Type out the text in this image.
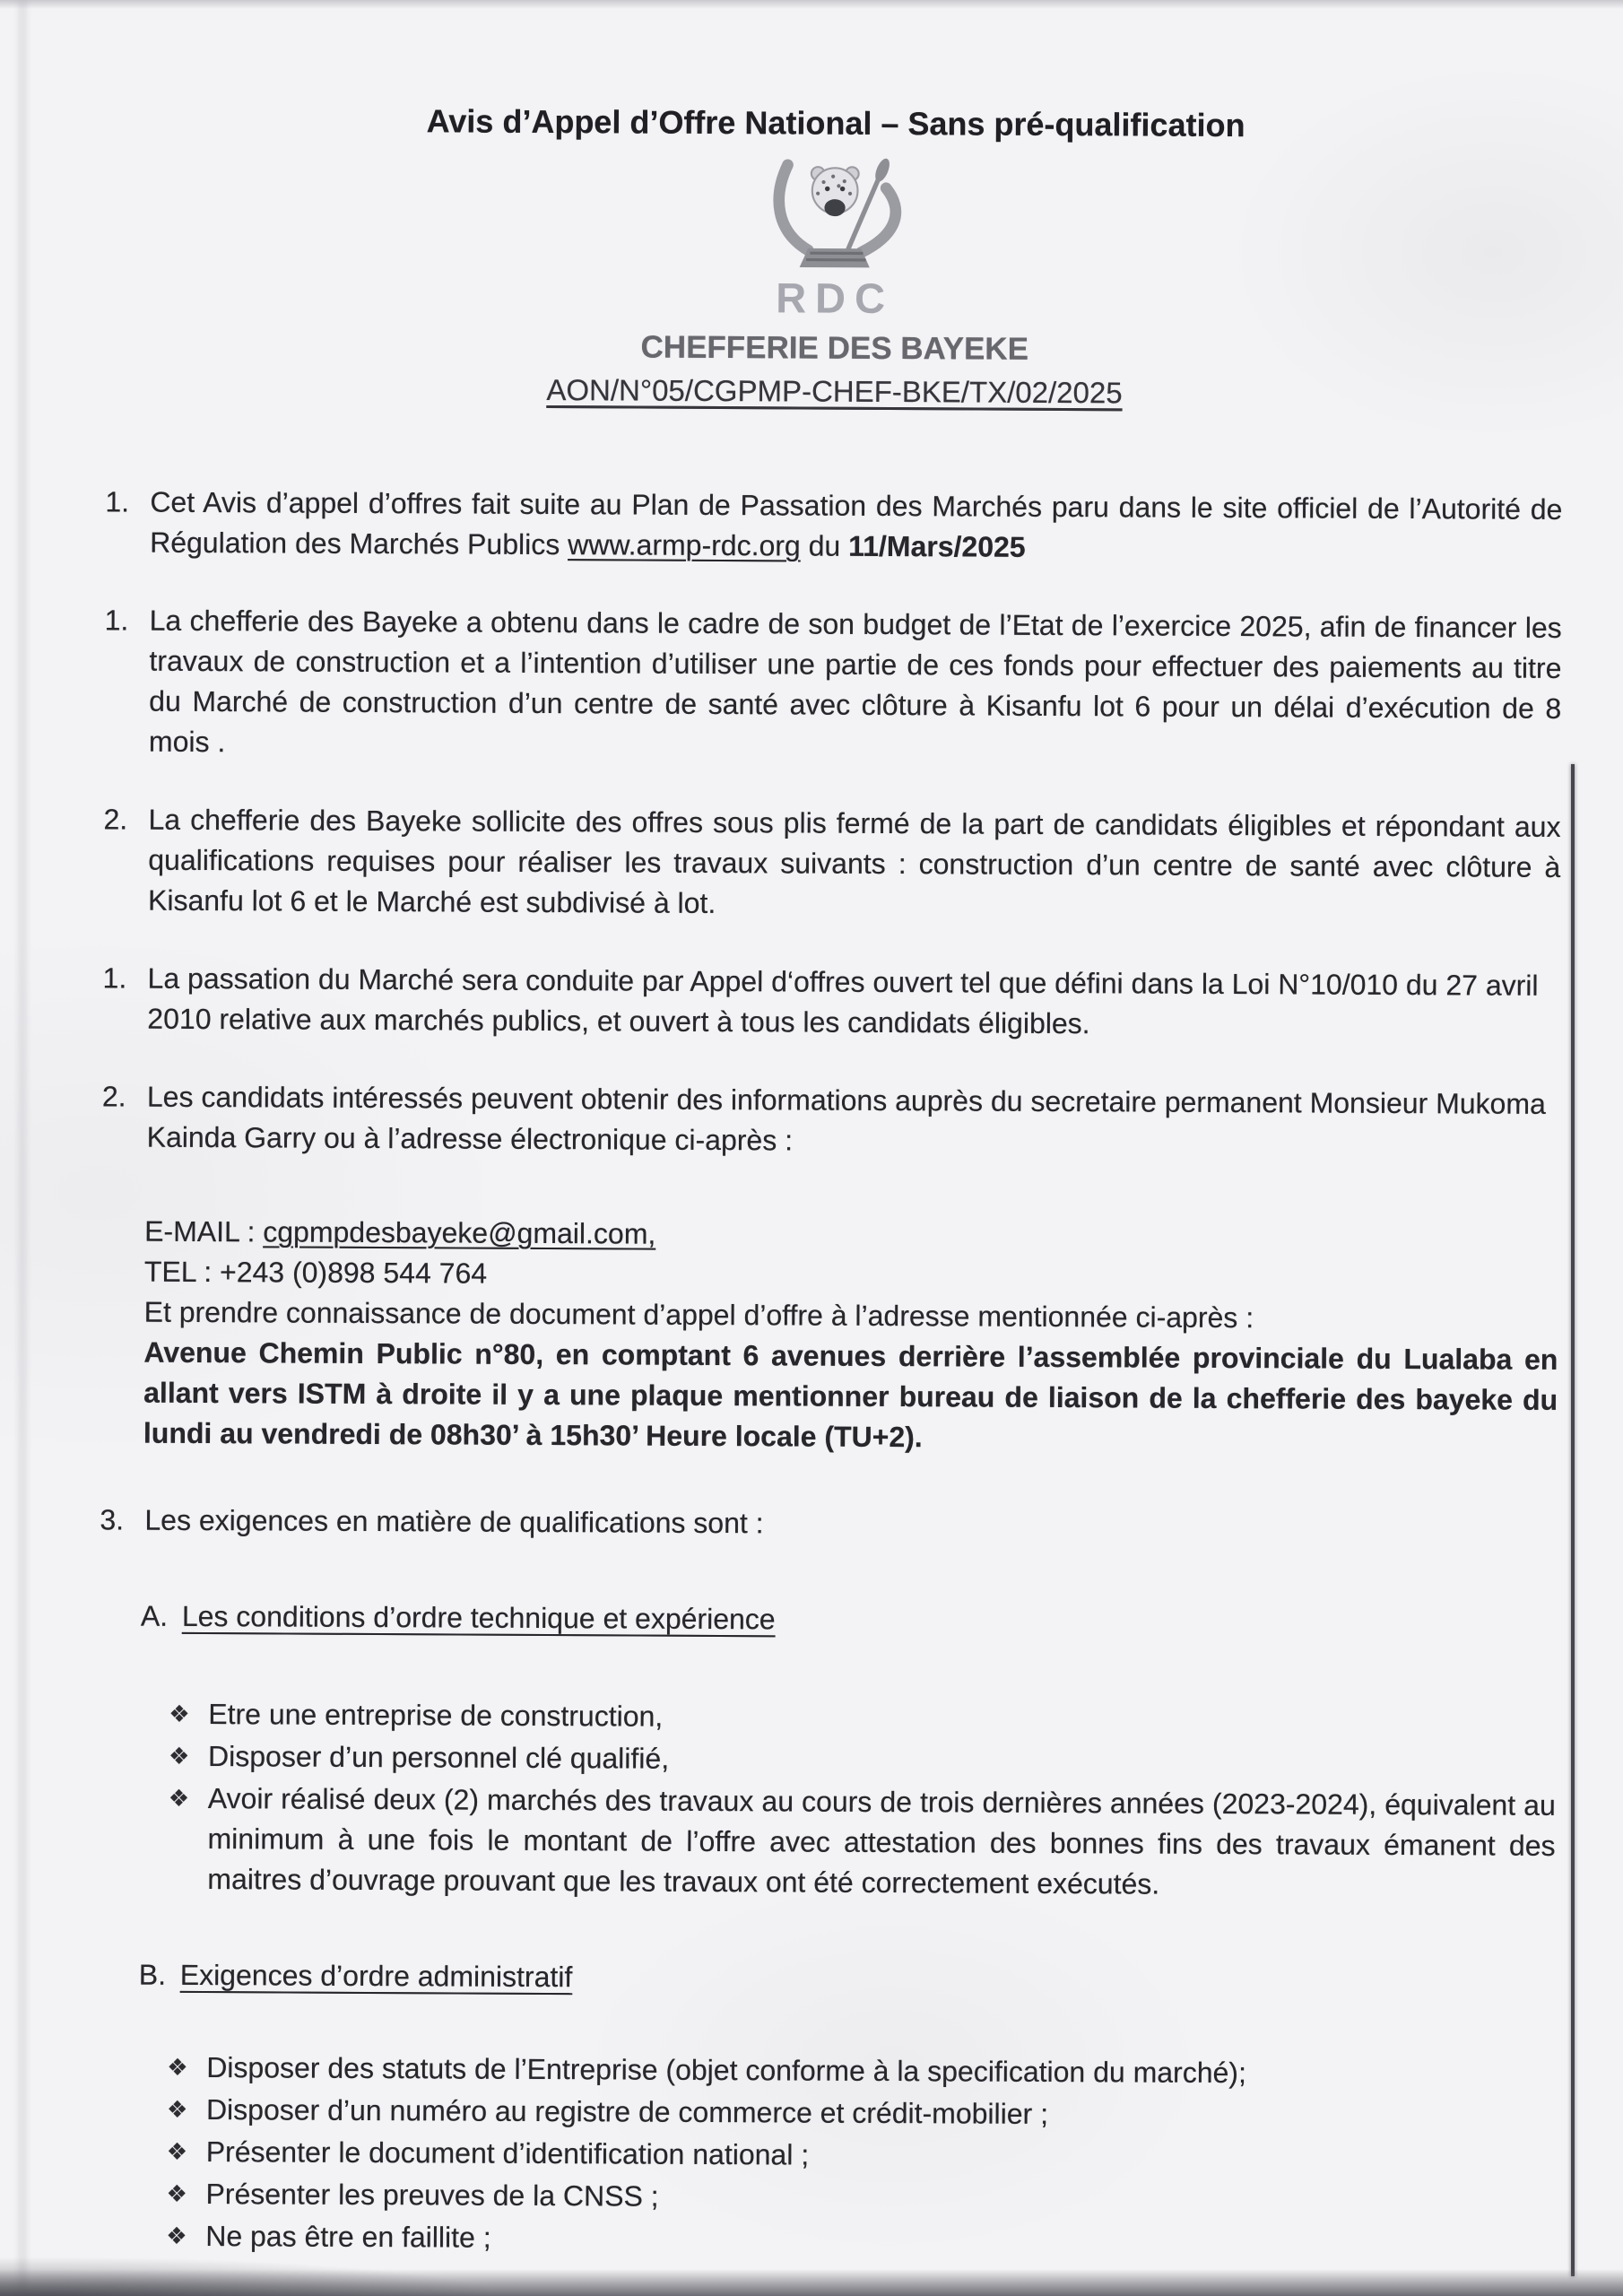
Avis d’Appel d’Offre National – Sans pré-qualification
RDC
CHEFFERIE DES BAYEKE
AON/N°05/CGPMP-CHEF-BKE/TX/02/2025
1. Cet Avis d’appel d’offres fait suite au Plan de Passation des Marchés paru dans le site officiel de l’Autorité de Régulation des Marchés Publics www.armp-rdc.org du 11/Mars/2025
1. La chefferie des Bayeke a obtenu dans le cadre de son budget de l’Etat de l’exercice 2025, afin de financer les travaux de construction et a l’intention d’utiliser une partie de ces fonds pour effectuer des paiements au titre du Marché de construction d’un centre de santé avec clôture à Kisanfu lot 6 pour un délai d’exécution de 8 mois .
2. La chefferie des Bayeke sollicite des offres sous plis fermé de la part de candidats éligibles et répondant aux qualifications requises pour réaliser les travaux suivants : construction d’un centre de santé avec clôture à Kisanfu lot 6 et le Marché est subdivisé à lot.
1. La passation du Marché sera conduite par Appel d‘offres ouvert tel que défini dans la Loi N°10/010 du 27 avril 2010 relative aux marchés publics, et ouvert à tous les candidats éligibles.
2. Les candidats intéressés peuvent obtenir des informations auprès du secretaire permanent Monsieur Mukoma Kainda Garry ou à l’adresse électronique ci-après :
E-MAIL : cgpmpdesbayeke@gmail.com,
TEL : +243 (0)898 544 764
Et prendre connaissance de document d’appel d’offre à l’adresse mentionnée ci-après :
Avenue Chemin Public n°80, en comptant 6 avenues derrière l’assemblée provinciale du Lualaba en allant vers ISTM à droite il y a une plaque mentionner bureau de liaison de la chefferie des bayeke du lundi au vendredi de 08h30’ à 15h30’ Heure locale (TU+2).
3. Les exigences en matière de qualifications sont :
A. Les conditions d’ordre technique et expérience
❖ Etre une entreprise de construction,
❖ Disposer d’un personnel clé qualifié,
❖ Avoir réalisé deux (2) marchés des travaux au cours de trois dernières années (2023-2024), équivalent au minimum à une fois le montant de l’offre avec attestation des bonnes fins des travaux émanent des maitres d’ouvrage prouvant que les travaux ont été correctement exécutés.
B. Exigences d’ordre administratif
❖ Disposer des statuts de l’Entreprise (objet conforme à la specification du marché);
❖ Disposer d’un numéro au registre de commerce et crédit-mobilier ;
❖ Présenter le document d’identification national ;
❖ Présenter les preuves de la CNSS ;
❖ Ne pas être en faillite ;
